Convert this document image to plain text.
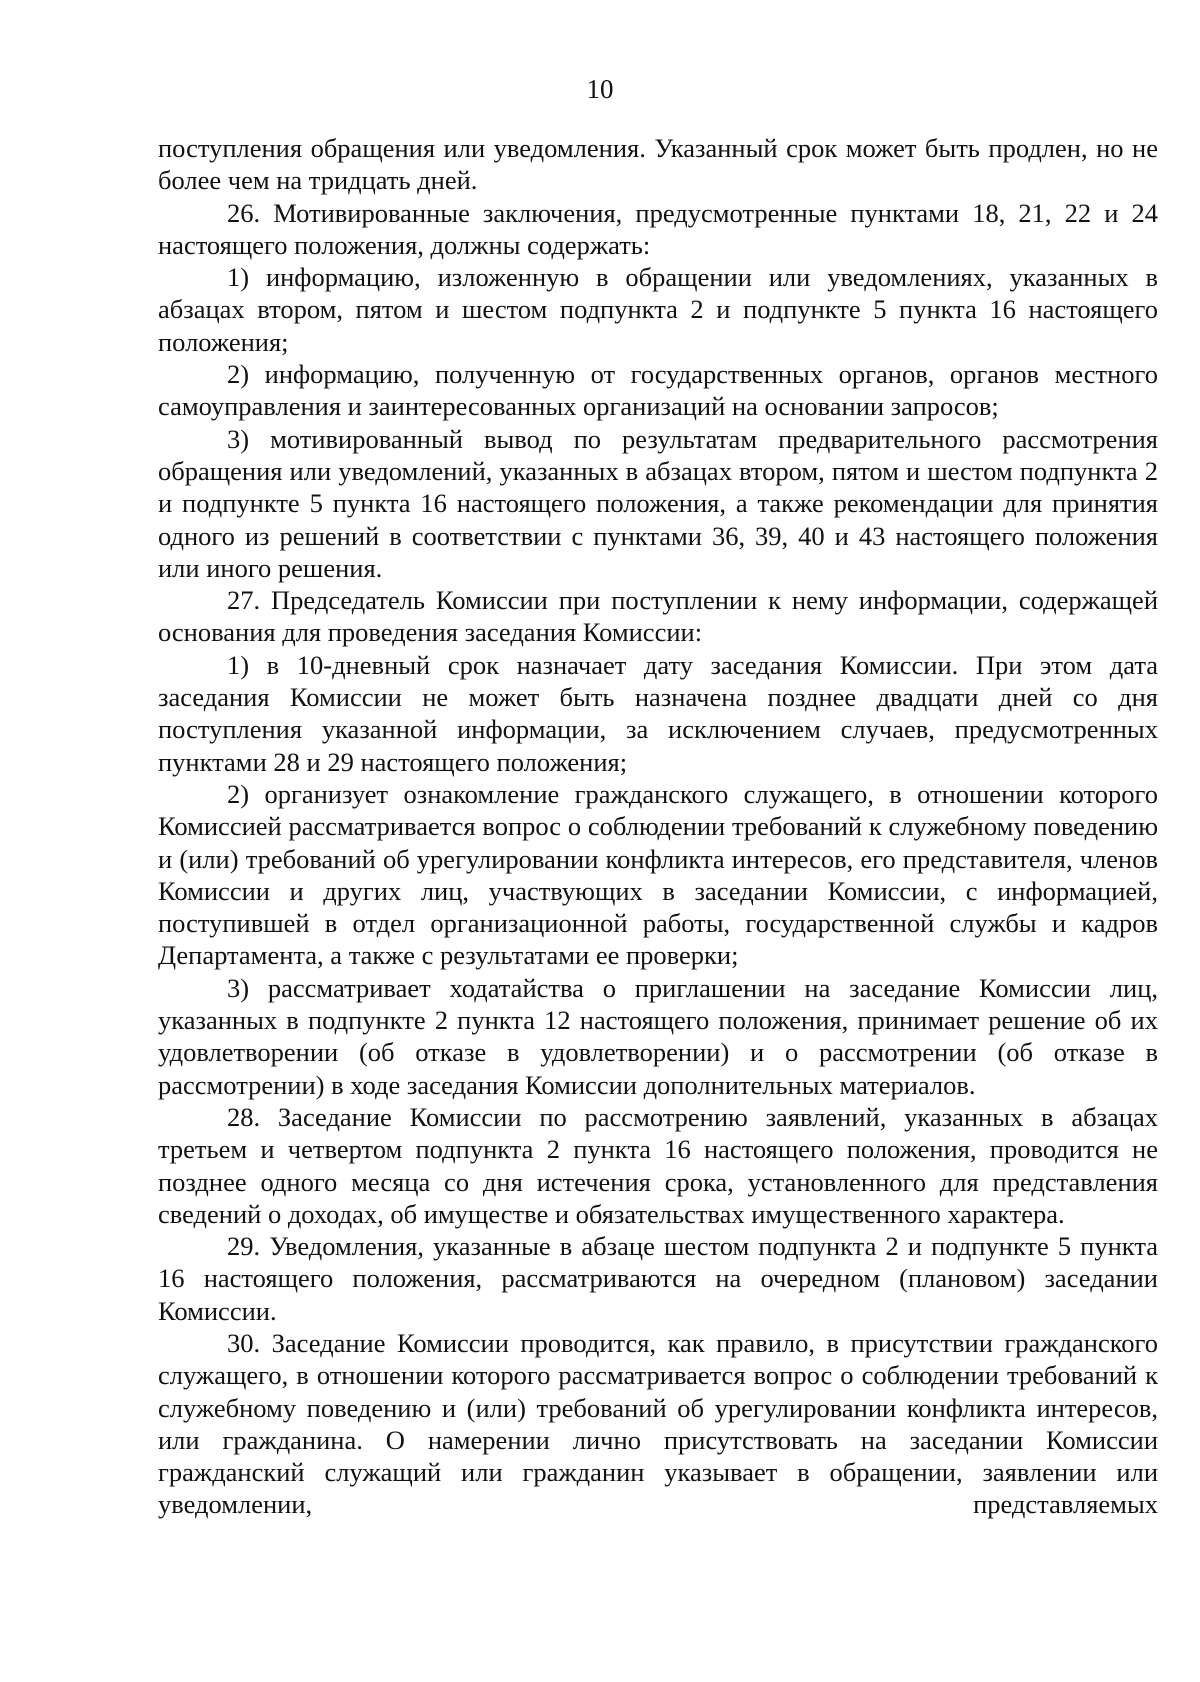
10

поступления обращения или уведомления. Указанный срок может быть продлен, но не более чем на тридцать дней.

26. Мотивированные заключения, предусмотренные пунктами 18, 21, 22 и 24 настоящего положения, должны содержать:

1) информацию, изложенную в обращении или уведомлениях, указанных в абзацах втором, пятом и шестом подпункта 2 и подпункте 5 пункта 16 настоящего положения;

2) информацию, полученную от государственных органов, органов местного самоуправления и заинтересованных организаций на основании запросов;

3) мотивированный вывод по результатам предварительного рассмотрения обращения или уведомлений, указанных в абзацах втором, пятом и шестом подпункта 2 и подпункте 5 пункта 16 настоящего положения, а также рекомендации для принятия одного из решений в соответствии с пунктами 36, 39, 40 и 43 настоящего положения или иного решения.

27. Председатель Комиссии при поступлении к нему информации, содержащей основания для проведения заседания Комиссии:

1) в 10-дневный срок назначает дату заседания Комиссии. При этом дата заседания Комиссии не может быть назначена позднее двадцати дней со дня поступления указанной информации, за исключением случаев, предусмотренных пунктами 28 и 29 настоящего положения;

2) организует ознакомление гражданского служащего, в отношении которого Комиссией рассматривается вопрос о соблюдении требований к служебному поведению и (или) требований об урегулировании конфликта интересов, его представителя, членов Комиссии и других лиц, участвующих в заседании Комиссии, с информацией, поступившей в отдел организационной работы, государственной службы и кадров Департамента, а также с результатами ее проверки;

3) рассматривает ходатайства о приглашении на заседание Комиссии лиц, указанных в подпункте 2 пункта 12 настоящего положения, принимает решение об их удовлетворении (об отказе в удовлетворении) и о рассмотрении (об отказе в рассмотрении) в ходе заседания Комиссии дополнительных материалов.

28. Заседание Комиссии по рассмотрению заявлений, указанных в абзацах третьем и четвертом подпункта 2 пункта 16 настоящего положения, проводится не позднее одного месяца со дня истечения срока, установленного для представления сведений о доходах, об имуществе и обязательствах имущественного характера.

29. Уведомления, указанные в абзаце шестом подпункта 2 и подпункте 5 пункта 16 настоящего положения, рассматриваются на очередном (плановом) заседании Комиссии.

30. Заседание Комиссии проводится, как правило, в присутствии гражданского служащего, в отношении которого рассматривается вопрос о соблюдении требований к служебному поведению и (или) требований об урегулировании конфликта интересов, или гражданина. О намерении лично присутствовать на заседании Комиссии гражданский служащий или гражданин указывает в обращении, заявлении или уведомлении, представляемых
